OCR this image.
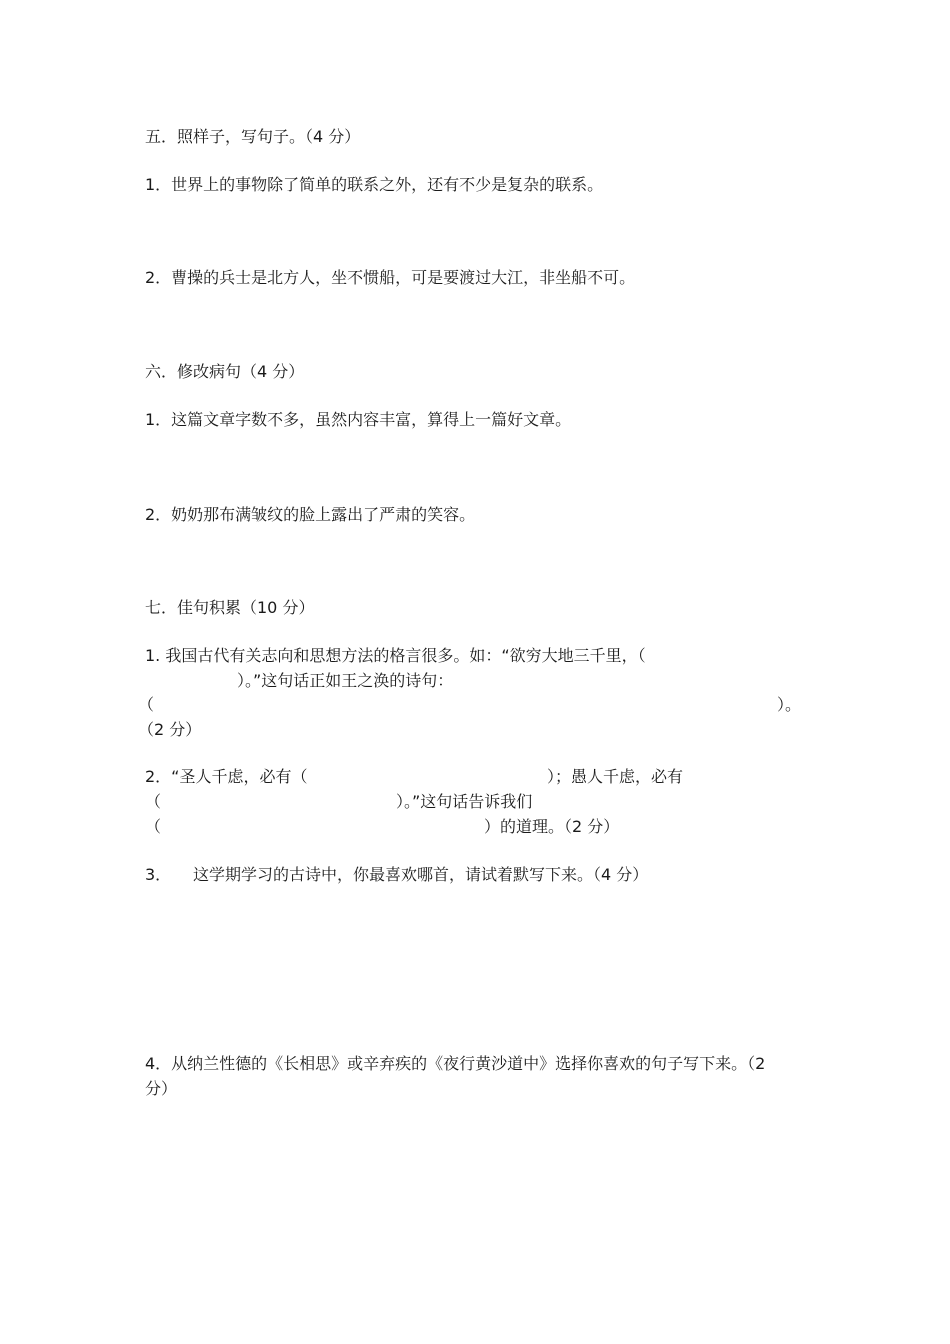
五．照样子，写句子。（4 分）
1．世界上的事物除了简单的联系之外，还有不少是复杂的联系。
2．曹操的兵士是北方人，坐不惯船，可是要渡过大江，非坐船不可。
六．修改病句（4 分）
1．这篇文章字数不多，虽然内容丰富，算得上一篇好文章。
2．奶奶那布满皱纹的脸上露出了严肃的笑容。
七．佳句积累（10 分）
1. 我国古代有关志向和思想方法的格言很多。如：“欲穷大地三千里，（
）。”这句话正如王之涣的诗句：
（	）。
（2 分）
2．“圣人千虑，必有（	）；愚人千虑，必有
（	）。”这句话告诉我们
（	）的道理。（2 分）
3． 这学期学习的古诗中，你最喜欢哪首，请试着默写下来。（4 分）
4．从纳兰性德的《长相思》或辛弃疾的《夜行黄沙道中》选择你喜欢的句子写下来。（2
分）
